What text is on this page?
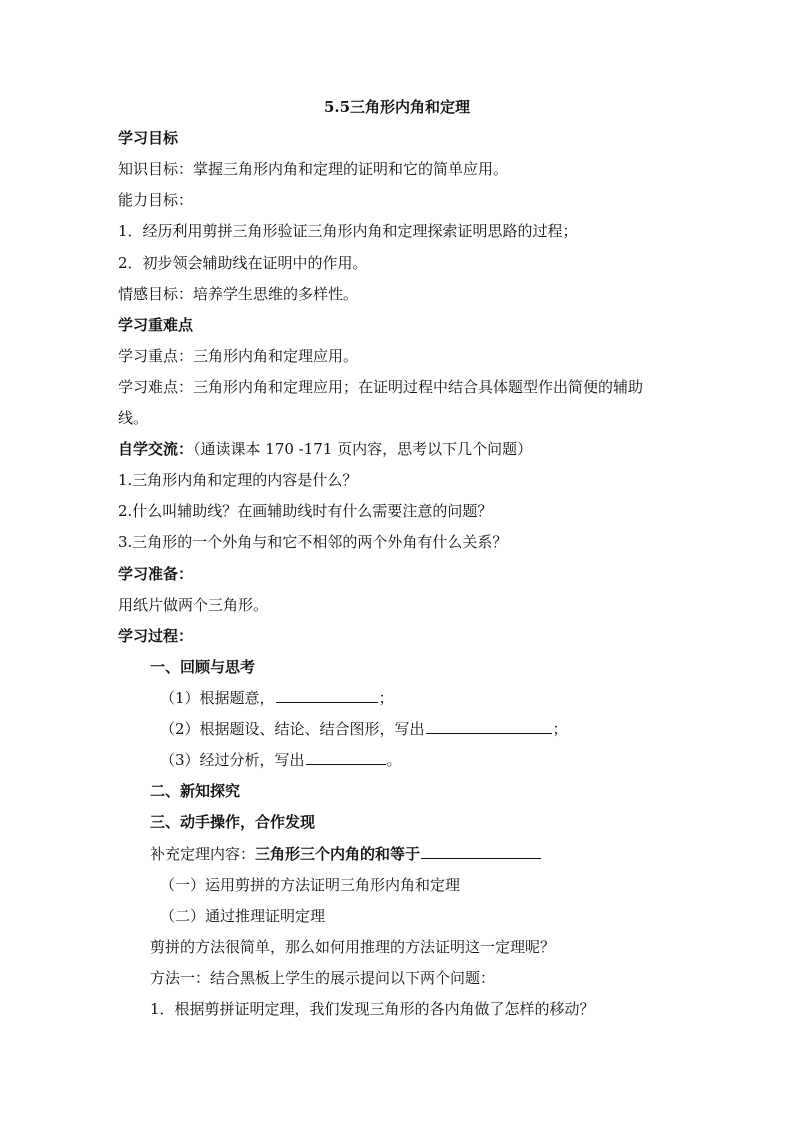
5.5三角形内角和定理
学习目标
知识目标：掌握三角形内角和定理的证明和它的简单应用。
能力目标：
1．经历利用剪拼三角形验证三角形内角和定理探索证明思路的过程；
2．初步领会辅助线在证明中的作用。
情感目标：培养学生思维的多样性。
学习重难点
学习重点：三角形内角和定理应用。
学习难点：三角形内角和定理应用；在证明过程中结合具体题型作出简便的辅助
线。
自学交流：（通读课本 170 -171 页内容，思考以下几个问题）
1.三角形内角和定理的内容是什么？
2.什么叫辅助线？在画辅助线时有什么需要注意的问题？
3.三角形的一个外角与和它不相邻的两个外角有什么关系？
学习准备：
用纸片做两个三角形。
学习过程：
一、回顾与思考
（1）根据题意，	；
（2）根据题设、结论、结合图形，写出	；
（3）经过分析，写出	。
二、新知探究
三、动手操作，合作发现
补充定理内容：三角形三个内角的和等于
（一）运用剪拼的方法证明三角形内角和定理
（二）通过推理证明定理
剪拼的方法很简单，那么如何用推理的方法证明这一定理呢？
方法一：结合黑板上学生的展示提问以下两个问题：
1．根据剪拼证明定理，我们发现三角形的各内角做了怎样的移动？
